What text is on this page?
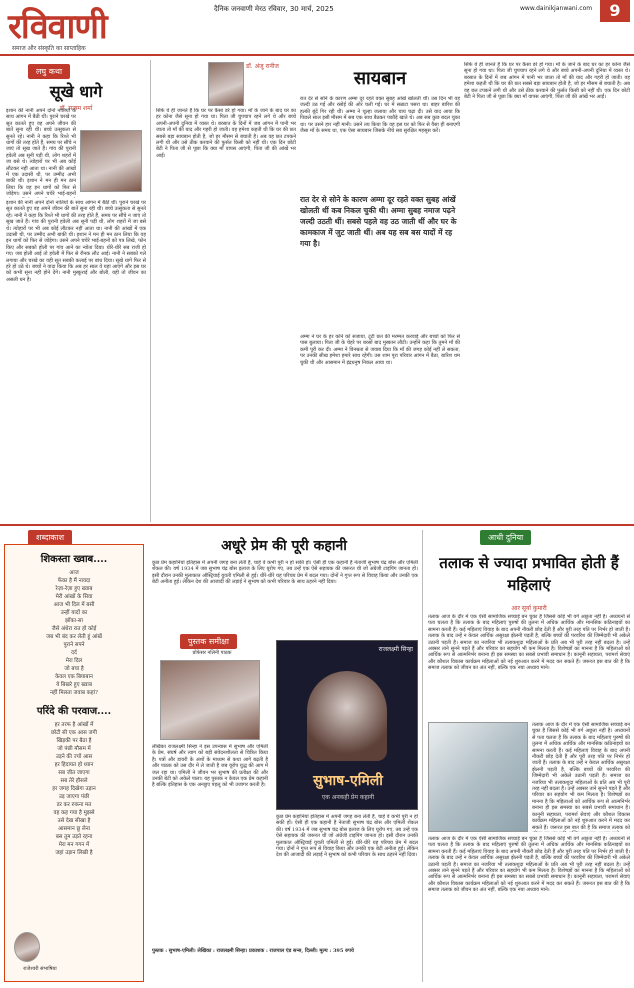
रविवाणी
समाज और संस्कृति का साप्ताहिक
दैनिक जनवाणी मेरठ रविवार, 30 मार्च, 2025	www.dainikjanwani.com	9
लघु कथा
सूखे धागे
डॉ. सत्यम शर्मा
इशान की नानी अपने दोनों नातियों के साथ आंगन में बैठी थीं। पुराने चरखे पर सूत कातते हुए वह अपने जीवन की बातें सुना रही थीं। बच्चे उत्सुकता से सुनते रहे। नानी ने कहा कि रिश्ते भी धागों की तरह होते हैं, समय पर सींचे न जाएं तो सूख जाते हैं। गांव की पुरानी हवेली अब सूनी पड़ी थी, लोग शहरों में जा बसे थे। त्योहारों पर भी अब कोई लौटकर नहीं आता था। नानी की आंखों में एक उदासी थी, पर उम्मीद अभी बाकी थी। इशान ने मन ही मन ठान लिया कि वह इन धागों को फिर से जोड़ेगा। उसने अपने चचेरे भाई-बहनों
इशान की नानी अपने दोनों नातियों के साथ आंगन में बैठी थीं। पुराने चरखे पर सूत कातते हुए वह अपने जीवन की बातें सुना रही थीं। बच्चे उत्सुकता से सुनते रहे। नानी ने कहा कि रिश्ते भी धागों की तरह होते हैं, समय पर सींचे न जाएं तो सूख जाते हैं। गांव की पुरानी हवेली अब सूनी पड़ी थी, लोग शहरों में जा बसे थे। त्योहारों पर भी अब कोई लौटकर नहीं आता था। नानी की आंखों में एक उदासी थी, पर उम्मीद अभी बाकी थी। इशान ने मन ही मन ठान लिया कि वह इन धागों को फिर से जोड़ेगा। उसने अपने चचेरे भाई-बहनों को पत्र लिखे, फोन किए और सबको होली पर गांव आने का न्योता दिया। धीरे-धीरे सब राजी हो गए। जब होली आई तो हवेली में फिर से रौनक लौट आई। नानी ने सबको गले लगाया और चरखे का वही सूत सबकी कलाई पर बांध दिया। सूखे धागे फिर से हरे हो उठे थे। बच्चों ने वादा किया कि अब हर साल वे यहां आएंगे और इस घर को कभी सूना नहीं होने देंगे। नानी मुस्कुराई और बोली, यही तो जीवन का असली धन है।
डॉ. अंजु रानीज
सिर्फ ये ही जानते हैं कि घर पर कैसा डरे हो गया। माँ के जाने के बाद घर का हर कोना जैसे सूना हो गया था। पिता जी चुपचाप रहने लगे थे और बच्चे अपनी-अपनी दुनिया में व्यस्त थे। बरसात के दिनों में जब आंगन में पानी भर जाता तो माँ की याद और गहरी हो जाती। वह हमेशा कहती थी कि घर की छत सबसे बड़ा सायबान होती है, जो हर मौसम से बचाती है। अब वह छत टपकने लगी थी और उसे ठीक करवाने की फुर्सत किसी को नहीं थी। एक दिन छोटी बेटी ने पिता जी से पूछा कि क्या माँ वापस आएंगी, पिता जी की आंखें भर आईं।
सायबान
रात देर से सोने के कारण अम्मा दूर रहते वक्त सुबह आंखें खोलती थीं। उस दिन भी वह जल्दी उठ गई और रसोई की ओर चली गई। घर में सन्नाटा पसरा था। बाहर बारिश की हल्की बूंदें गिर रही थीं। अम्मा ने चूल्हा जलाया और चाय चढ़ा दी। उसे याद आया कि पिछले साल इसी मौसम में सब एक साथ बैठकर पकौड़े खाते थे। अब सब कुछ बदल चुका था। पर उसने हार नहीं मानी। उसने तय किया कि वह इस घर को फिर से वैसा ही बनाएगी जैसा माँ के समय था, एक ऐसा सायबान जिसके नीचे सब सुरक्षित महसूस करें।
रात देर से सोने के कारण अम्मा दूर रहते वक्त सुबह आंखें खोलती थीं कब निकल चुकी थी। अम्मा सुबह नमाज पढ़ने जल्दी उठती थीं। सबसे पहले वह उठ जाती थीं और घर के कामकाज में जुट जाती थीं। अब यह सब बस यादों में रह गया है।
अम्मा ने घर के हर कोने को सजाया, टूटी छत की मरम्मत करवाई और बच्चों को फिर से पास बुलाया। पिता जी के चेहरे पर बरसों बाद मुस्कान लौटी। उन्होंने कहा कि तुमने माँ की कमी पूरी कर दी। अम्मा ने विनम्रता से जवाब दिया कि माँ की जगह कोई नहीं ले सकता, पर उनकी सीख हमेशा हमारे साथ रहेगी। उस शाम पूरा परिवार आंगन में बैठा, बारिश थम चुकी थी और आसमान में इंद्रधनुष निकल आया था।
सिर्फ ये ही जानते हैं कि घर पर कैसा डरे हो गया। माँ के जाने के बाद घर का हर कोना जैसे सूना हो गया था। पिता जी चुपचाप रहने लगे थे और बच्चे अपनी-अपनी दुनिया में व्यस्त थे। बरसात के दिनों में जब आंगन में पानी भर जाता तो माँ की याद और गहरी हो जाती। वह हमेशा कहती थी कि घर की छत सबसे बड़ा सायबान होती है, जो हर मौसम से बचाती है। अब वह छत टपकने लगी थी और उसे ठीक करवाने की फुर्सत किसी को नहीं थी। एक दिन छोटी बेटी ने पिता जी से पूछा कि क्या माँ वापस आएंगी, पिता जी की आंखें भर आईं।
शब्दाकाश
शिकस्ता ख्वाब....
आज
फेंका है मैं नावदा
रेज़ा-रेज़ा हुए ख्वाब
मेरी आंखों के सिवा
आज भी दिल में बसी
उन्हीं यादों का
झोंका-सा
जैसे अंधेरा रात हो कोई
जब भी बंद कर लेती हूं आंखें
पुराने सपने
दर्द
मेरा दिल
जो बचा है
केवल एक बियाबान
ये बिखरे हुए ख्वाब
नहीं मिलता जवाब कहां?
परिंदे की परवाज....
हर तरफ है आंखों में
छोटी सी एक आस जगी
खिड़की पर बैठा है
जो पंछी मौसम में
उड़ने की ज्यों आस
हर हिदायत हो ध्यान
सब जीत जाएगा
सब तेरे हौसले
हर जगह दिखेगा उड़ान
उड़ जाएगा पंछी
डर कर रुकना मत
वह कह गया है मुझसे
उसे देख सीखा है
आसमान छू लेना
बस तुम उड़ते रहना
मेरा मन गगन में
जहां उड़ान लिखी है
राजेश्वरी संभाषिया
अधूरे प्रेम की पूरी कहानी
कुछ प्रेम कहानियां इतिहास में अपनी जगह बना लेती हैं, चाहे वे कभी पूरी न हो सकी हों। ऐसी ही एक कहानी है नेताजी सुभाष चंद्र बोस और एमिली शेंकल की। वर्ष 1934 में जब सुभाष चंद्र बोस इलाज के लिए यूरोप गए, तब उन्हें एक ऐसे सहायक की जरूरत थी जो अंग्रेजी टाइपिंग जानता हो। इसी दौरान उनकी मुलाकात ऑस्ट्रियाई युवती एमिली से हुई। धीरे-धीरे यह परिचय प्रेम में बदल गया। दोनों ने गुप्त रूप से विवाह किया और उनकी एक बेटी अनीता हुई। लेकिन देश की आजादी की लड़ाई ने सुभाष को कभी परिवार के साथ ठहरने नहीं दिया।
पुस्तक समीक्षा
प्रोफेसर नलिनी पाठक
लेखिका राजलक्ष्मी सिन्हा ने इस उपन्यास में सुभाष और एमिली के प्रेम, संघर्ष और त्याग को बड़ी संवेदनशीलता से चित्रित किया है। पत्रों और डायरी के अंशों के माध्यम से कथा आगे बढ़ती है और पाठक को उस दौर में ले जाती है जब यूरोप युद्ध की आग में जल रहा था। एमिली ने जीवन भर सुभाष की प्रतीक्षा की और उनकी बेटी को अकेले पाला। यह पुस्तक न केवल एक प्रेम कहानी है बल्कि इतिहास के एक अनछुए पहलू को भी उजागर करती है।
राजलक्ष्मी सिन्हा
सुभाष-एमिली
एक अनकही प्रेम कहानी
कुछ प्रेम कहानियां इतिहास में अपनी जगह बना लेती हैं, चाहे वे कभी पूरी न हो सकी हों। ऐसी ही एक कहानी है नेताजी सुभाष चंद्र बोस और एमिली शेंकल की। वर्ष 1934 में जब सुभाष चंद्र बोस इलाज के लिए यूरोप गए, तब उन्हें एक ऐसे सहायक की जरूरत थी जो अंग्रेजी टाइपिंग जानता हो। इसी दौरान उनकी मुलाकात ऑस्ट्रियाई युवती एमिली से हुई। धीरे-धीरे यह परिचय प्रेम में बदल गया। दोनों ने गुप्त रूप से विवाह किया और उनकी एक बेटी अनीता हुई। लेकिन देश की आजादी की लड़ाई ने सुभाष को कभी परिवार के साथ ठहरने नहीं दिया।
पुस्तक : सुभाष-एमिली। लेखिका : राजलक्ष्मी सिन्हा। प्रकाशक : राजपाल एंड सन्स, दिल्ली। मूल्य : 395 रुपये
आधी दुनिया
तलाक से ज्यादा प्रभावित होती हैं महिलाएं
आर सूर्या कुमारी
तलाक आज के दौर में एक ऐसी सामाजिक सच्चाई बन चुका है जिससे कोई भी वर्ग अछूता नहीं है। अध्ययनों से पता चलता है कि तलाक के बाद महिलाएं पुरुषों की तुलना में अधिक आर्थिक और मानसिक कठिनाइयों का सामना करती हैं। कई महिलाएं विवाह के बाद अपनी नौकरी छोड़ देती हैं और पूरी तरह पति पर निर्भर हो जाती हैं। तलाक के बाद उन्हें न केवल आर्थिक असुरक्षा झेलनी पड़ती है, बल्कि बच्चों की परवरिश की जिम्मेदारी भी अकेले उठानी पड़ती है। समाज का नजरिया भी तलाकशुदा महिलाओं के प्रति अब भी पूरी तरह नहीं बदला है। उन्हें अक्सर ताने सुनने पड़ते हैं और परिवार का सहयोग भी कम मिलता है। विशेषज्ञों का मानना है कि महिलाओं को आर्थिक रूप से आत्मनिर्भर बनाना ही इस समस्या का सबसे प्रभावी समाधान है। कानूनी सहायता, परामर्श सेवाएं और कौशल विकास कार्यक्रम महिलाओं को नई शुरुआत करने में मदद कर सकते हैं। जरूरत इस बात की है कि समाज तलाक को जीवन का अंत नहीं, बल्कि एक नया अध्याय माने।
तलाक आज के दौर में एक ऐसी सामाजिक सच्चाई बन चुका है जिससे कोई भी वर्ग अछूता नहीं है। अध्ययनों से पता चलता है कि तलाक के बाद महिलाएं पुरुषों की तुलना में अधिक आर्थिक और मानसिक कठिनाइयों का सामना करती हैं। कई महिलाएं विवाह के बाद अपनी नौकरी छोड़ देती हैं और पूरी तरह पति पर निर्भर हो जाती हैं। तलाक के बाद उन्हें न केवल आर्थिक असुरक्षा झेलनी पड़ती है, बल्कि बच्चों की परवरिश की जिम्मेदारी भी अकेले उठानी पड़ती है। समाज का नजरिया भी तलाकशुदा महिलाओं के प्रति अब भी पूरी तरह नहीं बदला है। उन्हें अक्सर ताने सुनने पड़ते हैं और परिवार का सहयोग भी कम मिलता है। विशेषज्ञों का मानना है कि महिलाओं को आर्थिक रूप से आत्मनिर्भर बनाना ही इस समस्या का सबसे प्रभावी समाधान है। कानूनी सहायता, परामर्श सेवाएं और कौशल विकास कार्यक्रम महिलाओं को नई शुरुआत करने में मदद कर सकते हैं। जरूरत इस बात की है कि समाज तलाक को
तलाक आज के दौर में एक ऐसी सामाजिक सच्चाई बन चुका है जिससे कोई भी वर्ग अछूता नहीं है। अध्ययनों से पता चलता है कि तलाक के बाद महिलाएं पुरुषों की तुलना में अधिक आर्थिक और मानसिक कठिनाइयों का सामना करती हैं। कई महिलाएं विवाह के बाद अपनी नौकरी छोड़ देती हैं और पूरी तरह पति पर निर्भर हो जाती हैं। तलाक के बाद उन्हें न केवल आर्थिक असुरक्षा झेलनी पड़ती है, बल्कि बच्चों की परवरिश की जिम्मेदारी भी अकेले उठानी पड़ती है। समाज का नजरिया भी तलाकशुदा महिलाओं के प्रति अब भी पूरी तरह नहीं बदला है। उन्हें अक्सर ताने सुनने पड़ते हैं और परिवार का सहयोग भी कम मिलता है। विशेषज्ञों का मानना है कि महिलाओं को आर्थिक रूप से आत्मनिर्भर बनाना ही इस समस्या का सबसे प्रभावी समाधान है। कानूनी सहायता, परामर्श सेवाएं और कौशल विकास कार्यक्रम महिलाओं को नई शुरुआत करने में मदद कर सकते हैं। जरूरत इस बात की है कि समाज तलाक को जीवन का अंत नहीं, बल्कि एक नया अध्याय माने।
